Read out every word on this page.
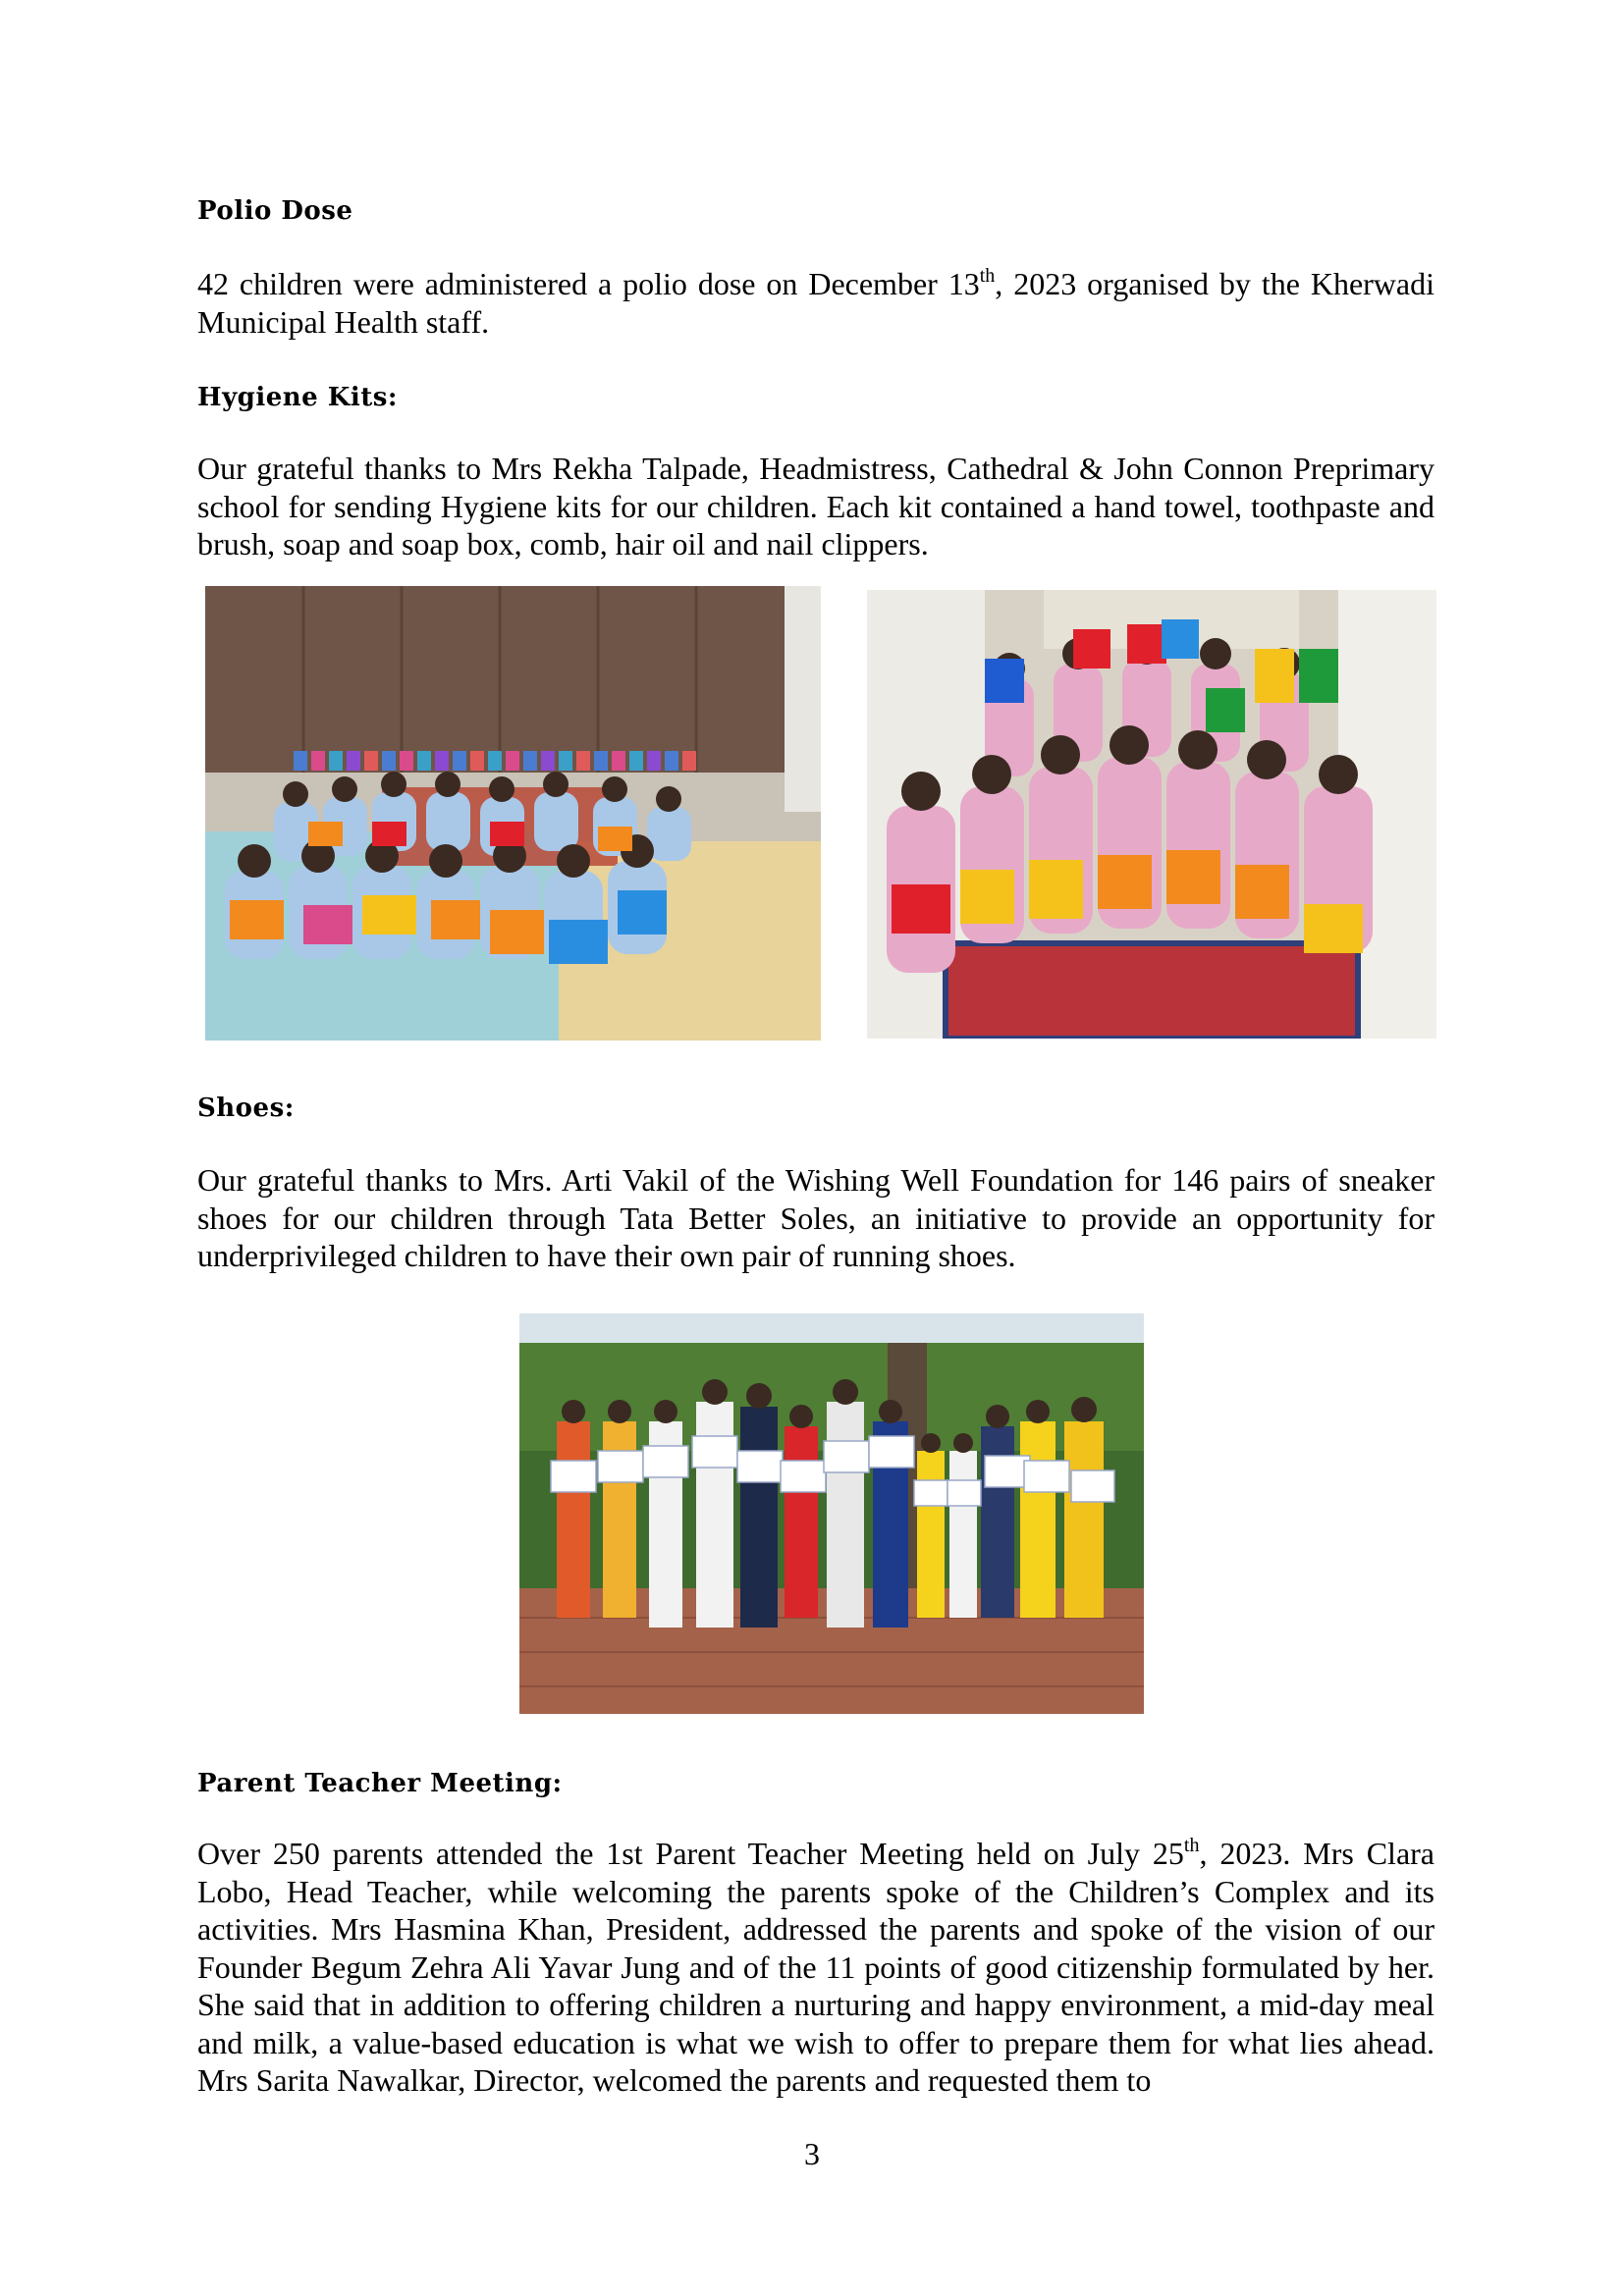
Polio Dose
42 children were administered a polio dose on December 13th, 2023 organised by the Kherwadi Municipal Health staff.
Hygiene Kits:
Our grateful thanks to Mrs Rekha Talpade, Headmistress, Cathedral & John Connon Preprimary school for sending Hygiene kits for our children. Each kit contained a hand towel, toothpaste and brush, soap and soap box, comb, hair oil and nail clippers.
Shoes:
Our grateful thanks to Mrs. Arti Vakil of the Wishing Well Foundation for 146 pairs of sneaker shoes for our children through Tata Better Soles, an initiative to provide an opportunity for underprivileged children to have their own pair of running shoes.
Parent Teacher Meeting:
Over 250 parents attended the 1st Parent Teacher Meeting held on July 25th, 2023. Mrs Clara Lobo, Head Teacher, while welcoming the parents spoke of the Children’s Complex and its activities. Mrs Hasmina Khan, President, addressed the parents and spoke of the vision of our Founder Begum Zehra Ali Yavar Jung and of the 11 points of good citizenship formulated by her. She said that in addition to offering children a nurturing and happy environment, a mid-day meal and milk, a value-based education is what we wish to offer to prepare them for what lies ahead. Mrs Sarita Nawalkar, Director, welcomed the parents and requested them to
3
